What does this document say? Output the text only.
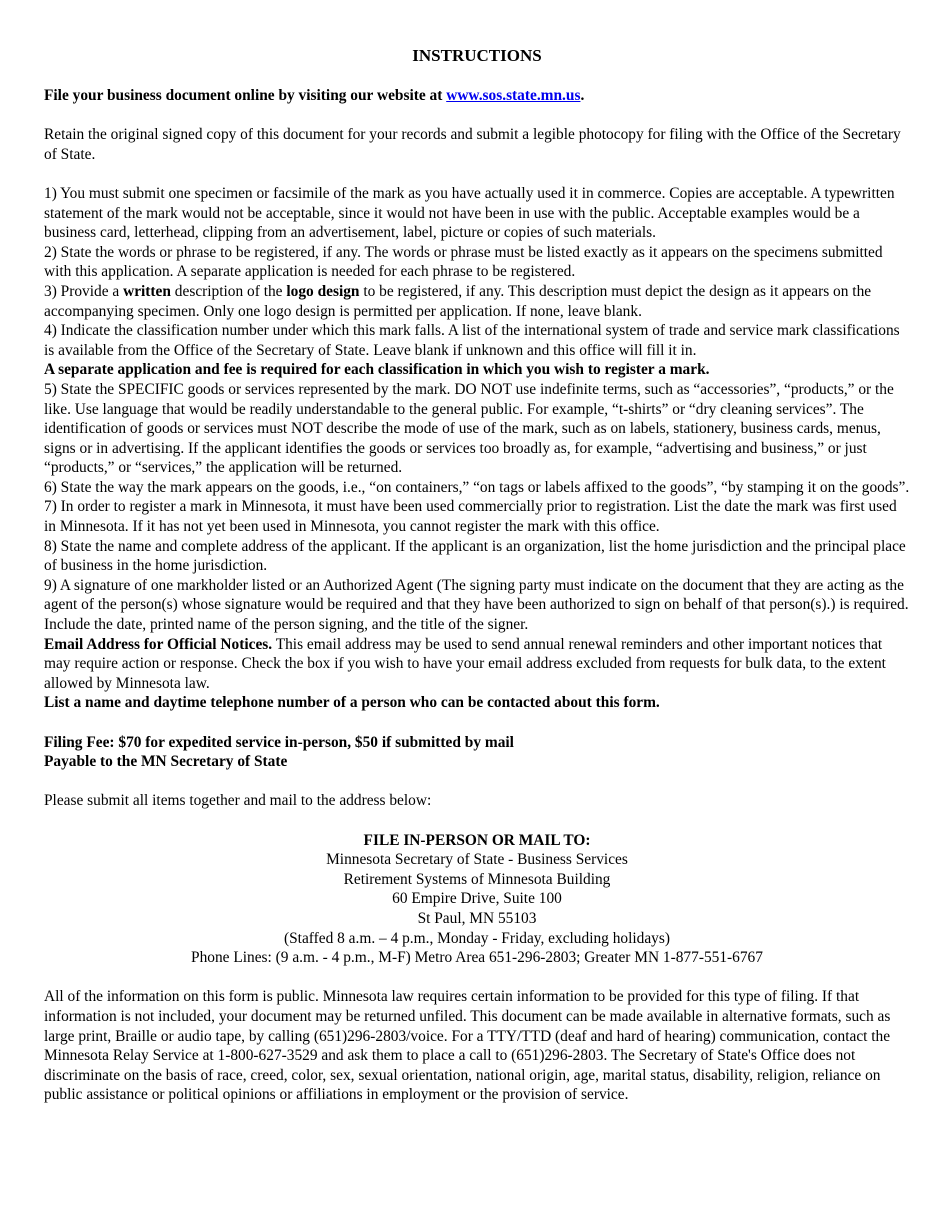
INSTRUCTIONS

File your business document online by visiting our website at www.sos.state.mn.us.

Retain the original signed copy of this document for your records and submit a legible photocopy for filing with the Office of the Secretary of State.

1) You must submit one specimen or facsimile of the mark as you have actually used it in commerce. Copies are acceptable. A typewritten statement of the mark would not be acceptable, since it would not have been in use with the public. Acceptable examples would be a business card, letterhead, clipping from an advertisement, label, picture or copies of such materials.

2) State the words or phrase to be registered, if any. The words or phrase must be listed exactly as it appears on the specimens submitted with this application. A separate application is needed for each phrase to be registered.

3) Provide a written description of the logo design to be registered, if any. This description must depict the design as it appears on the accompanying specimen. Only one logo design is permitted per application. If none, leave blank.

4) Indicate the classification number under which this mark falls. A list of the international system of trade and service mark classifications is available from the Office of the Secretary of State. Leave blank if unknown and this office will fill it in.

A separate application and fee is required for each classification in which you wish to register a mark.

5) State the SPECIFIC goods or services represented by the mark. DO NOT use indefinite terms, such as “accessories”, “products,” or the like. Use language that would be readily understandable to the general public. For example, “t-shirts” or “dry cleaning services”. The identification of goods or services must NOT describe the mode of use of the mark, such as on labels, stationery, business cards, menus, signs or in advertising. If the applicant identifies the goods or services too broadly as, for example, “advertising and business,” or just “products,” or “services,” the application will be returned.

6) State the way the mark appears on the goods, i.e., “on containers,” “on tags or labels affixed to the goods”, “by stamping it on the goods”.

7) In order to register a mark in Minnesota, it must have been used commercially prior to registration. List the date the mark was first used in Minnesota. If it has not yet been used in Minnesota, you cannot register the mark with this office.

8) State the name and complete address of the applicant. If the applicant is an organization, list the home jurisdiction and the principal place of business in the home jurisdiction.

9) A signature of one markholder listed or an Authorized Agent (The signing party must indicate on the document that they are acting as the agent of the person(s) whose signature would be required and that they have been authorized to sign on behalf of that person(s).) is required. Include the date, printed name of the person signing, and the title of the signer.

Email Address for Official Notices. This email address may be used to send annual renewal reminders and other important notices that may require action or response. Check the box if you wish to have your email address excluded from requests for bulk data, to the extent allowed by Minnesota law.

List a name and daytime telephone number of a person who can be contacted about this form.

Filing Fee: $70 for expedited service in-person, $50 if submitted by mail

Payable to the MN Secretary of State

Please submit all items together and mail to the address below:

FILE IN-PERSON OR MAIL TO:

Minnesota Secretary of State - Business Services

Retirement Systems of Minnesota Building

60 Empire Drive, Suite 100

St Paul, MN 55103

(Staffed 8 a.m. – 4 p.m., Monday - Friday, excluding holidays)

Phone Lines: (9 a.m. - 4 p.m., M-F) Metro Area 651-296-2803; Greater MN 1-877-551-6767

All of the information on this form is public. Minnesota law requires certain information to be provided for this type of filing. If that information is not included, your document may be returned unfiled. This document can be made available in alternative formats, such as large print, Braille or audio tape, by calling (651)296-2803/voice. For a TTY/TTD (deaf and hard of hearing) communication, contact the Minnesota Relay Service at 1-800-627-3529 and ask them to place a call to (651)296-2803. The Secretary of State's Office does not discriminate on the basis of race, creed, color, sex, sexual orientation, national origin, age, marital status, disability, religion, reliance on public assistance or political opinions or affiliations in employment or the provision of service.
